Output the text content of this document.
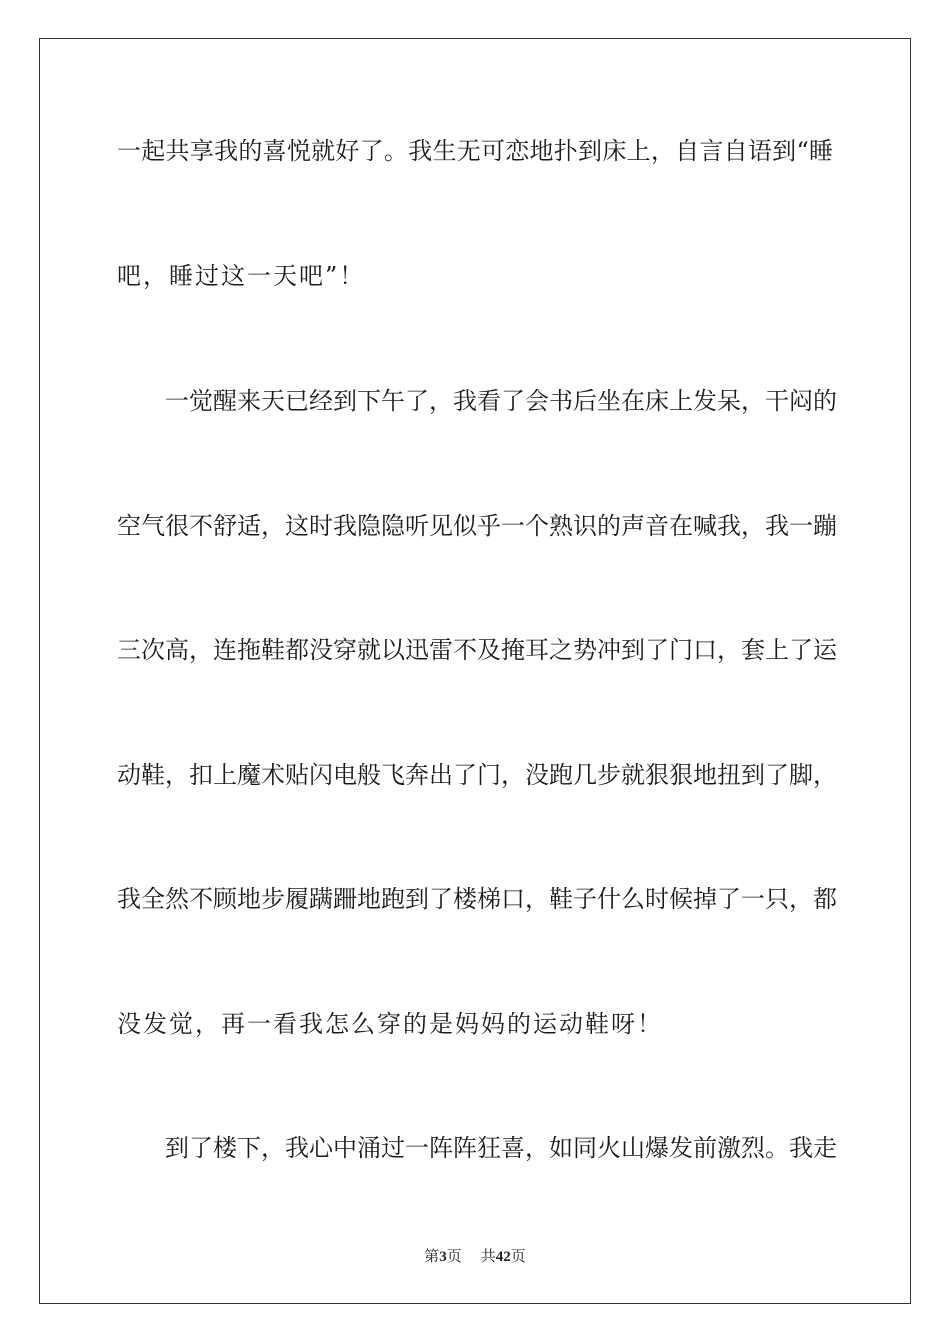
一起共享我的喜悦就好了。我生无可恋地扑到床上，自言自语到“睡
吧，睡过这一天吧”！
一觉醒来天已经到下午了，我看了会书后坐在床上发呆，干闷的
空气很不舒适，这时我隐隐听见似乎一个熟识的声音在喊我，我一蹦
三次高，连拖鞋都没穿就以迅雷不及掩耳之势冲到了门口，套上了运
动鞋，扣上魔术贴闪电般飞奔出了门，没跑几步就狠狠地扭到了脚，
我全然不顾地步履蹒跚地跑到了楼梯口，鞋子什么时候掉了一只，都
没发觉，再一看我怎么穿的是妈妈的运动鞋呀！
到了楼下，我心中涌过一阵阵狂喜，如同火山爆发前激烈。我走
第3页 共42页
